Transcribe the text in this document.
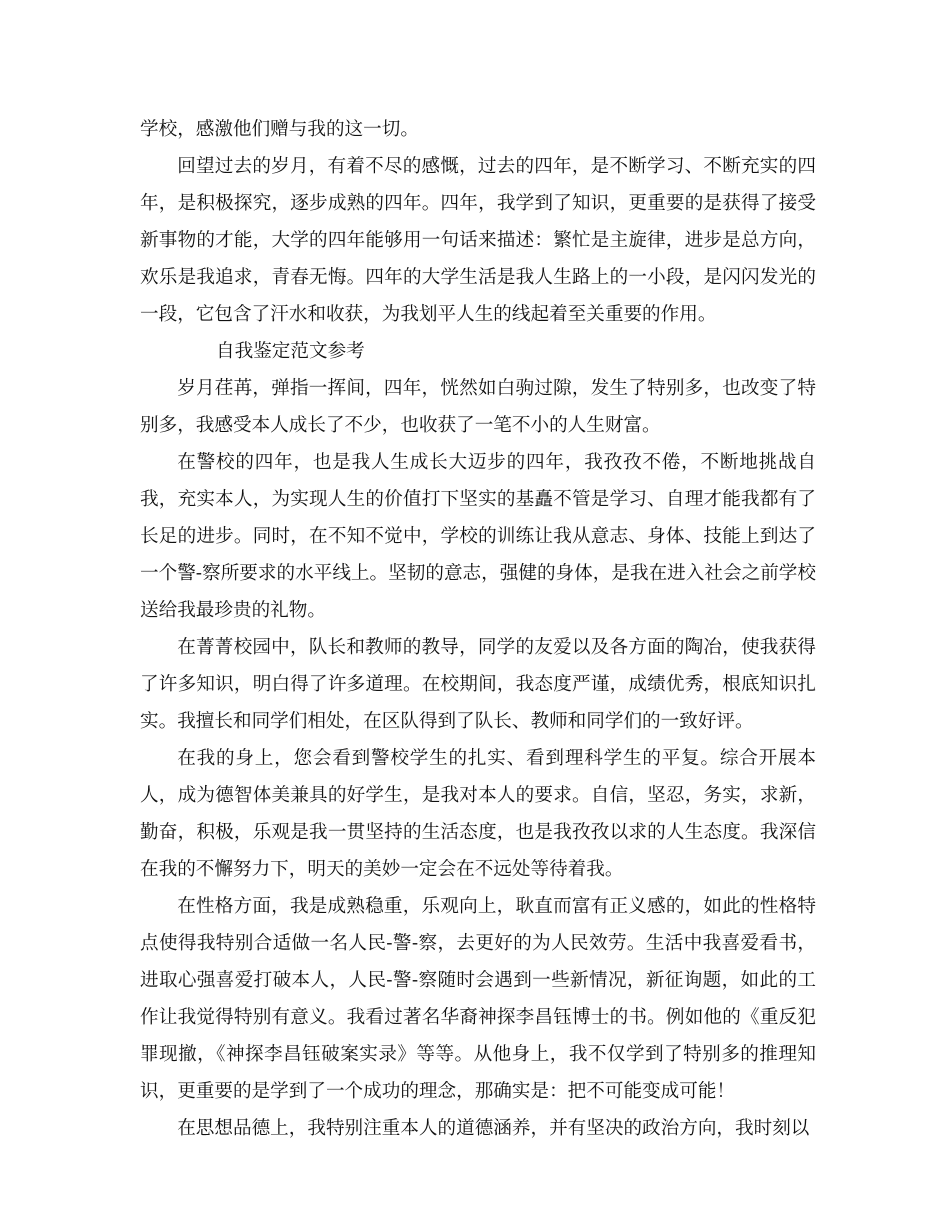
学校，感激他们赠与我的这一切。

回望过去的岁月，有着不尽的感慨，过去的四年，是不断学习、不断充实的四年，是积极探究，逐步成熟的四年。四年，我学到了知识，更重要的是获得了接受新事物的才能，大学的四年能够用一句话来描述：繁忙是主旋律，进步是总方向，欢乐是我追求，青春无悔。四年的大学生活是我人生路上的一小段，是闪闪发光的一段，它包含了汗水和收获，为我划平人生的线起着至关重要的作用。

自我鉴定范文参考

岁月荏苒，弹指一挥间，四年，恍然如白驹过隙，发生了特别多，也改变了特别多，我感受本人成长了不少，也收获了一笔不小的人生财富。

在警校的四年，也是我人生成长大迈步的四年，我孜孜不倦，不断地挑战自我，充实本人，为实现人生的价值打下坚实的基矗不管是学习、自理才能我都有了长足的进步。同时，在不知不觉中，学校的训练让我从意志、身体、技能上到达了一个警-察所要求的水平线上。坚韧的意志，强健的身体，是我在进入社会之前学校送给我最珍贵的礼物。

在菁菁校园中，队长和教师的教导，同学的友爱以及各方面的陶冶，使我获得了许多知识，明白得了许多道理。在校期间，我态度严谨，成绩优秀，根底知识扎实。我擅长和同学们相处，在区队得到了队长、教师和同学们的一致好评。

在我的身上，您会看到警校学生的扎实、看到理科学生的平复。综合开展本人，成为德智体美兼具的好学生，是我对本人的要求。自信，坚忍，务实，求新，勤奋，积极，乐观是我一贯坚持的生活态度，也是我孜孜以求的人生态度。我深信在我的不懈努力下，明天的美妙一定会在不远处等待着我。

在性格方面，我是成熟稳重，乐观向上，耿直而富有正义感的，如此的性格特点使得我特别合适做一名人民-警-察，去更好的为人民效劳。生活中我喜爱看书，进取心强喜爱打破本人，人民-警-察随时会遇到一些新情况，新征询题，如此的工作让我觉得特别有意义。我看过著名华裔神探李昌钰博士的书。例如他的《重反犯罪现撤，《神探李昌钰破案实录》等等。从他身上，我不仅学到了特别多的推理知识，更重要的是学到了一个成功的理念，那确实是：把不可能变成可能！

在思想品德上，我特别注重本人的道德涵养，并有坚决的政治方向，我时刻以
